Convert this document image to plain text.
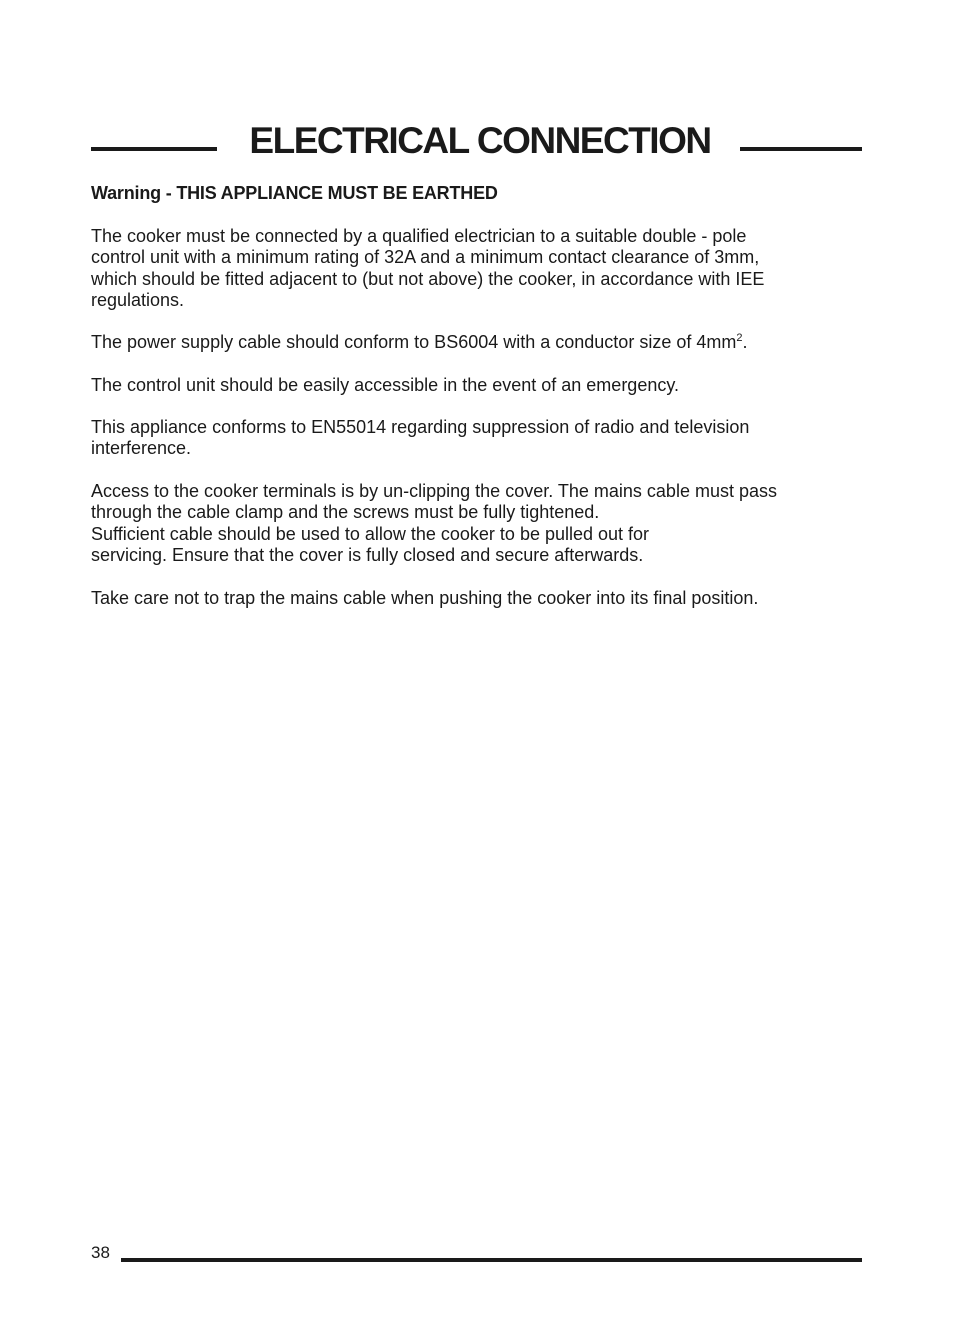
ELECTRICAL CONNECTION

Warning - THIS APPLIANCE MUST BE EARTHED

The cooker must be connected by a qualified electrician to a suitable double - pole
control unit with a minimum rating of 32A and a minimum contact clearance of 3mm,
which should be fitted adjacent to (but not above) the cooker, in accordance with IEE
regulations.

The power supply cable should conform to BS6004 with a conductor size of $4mm^2$.

The control unit should be easily accessible in the event of an emergency.

This appliance conforms to EN55014 regarding suppression of radio and television
interference.

Access to the cooker terminals is by un-clipping the cover. The mains cable must pass
through the cable clamp and the screws must be fully tightened.
Sufficient cable should be used to allow the cooker to be pulled out for
servicing. Ensure that the cover is fully closed and secure afterwards.

Take care not to trap the mains cable when pushing the cooker into its final position.

38
